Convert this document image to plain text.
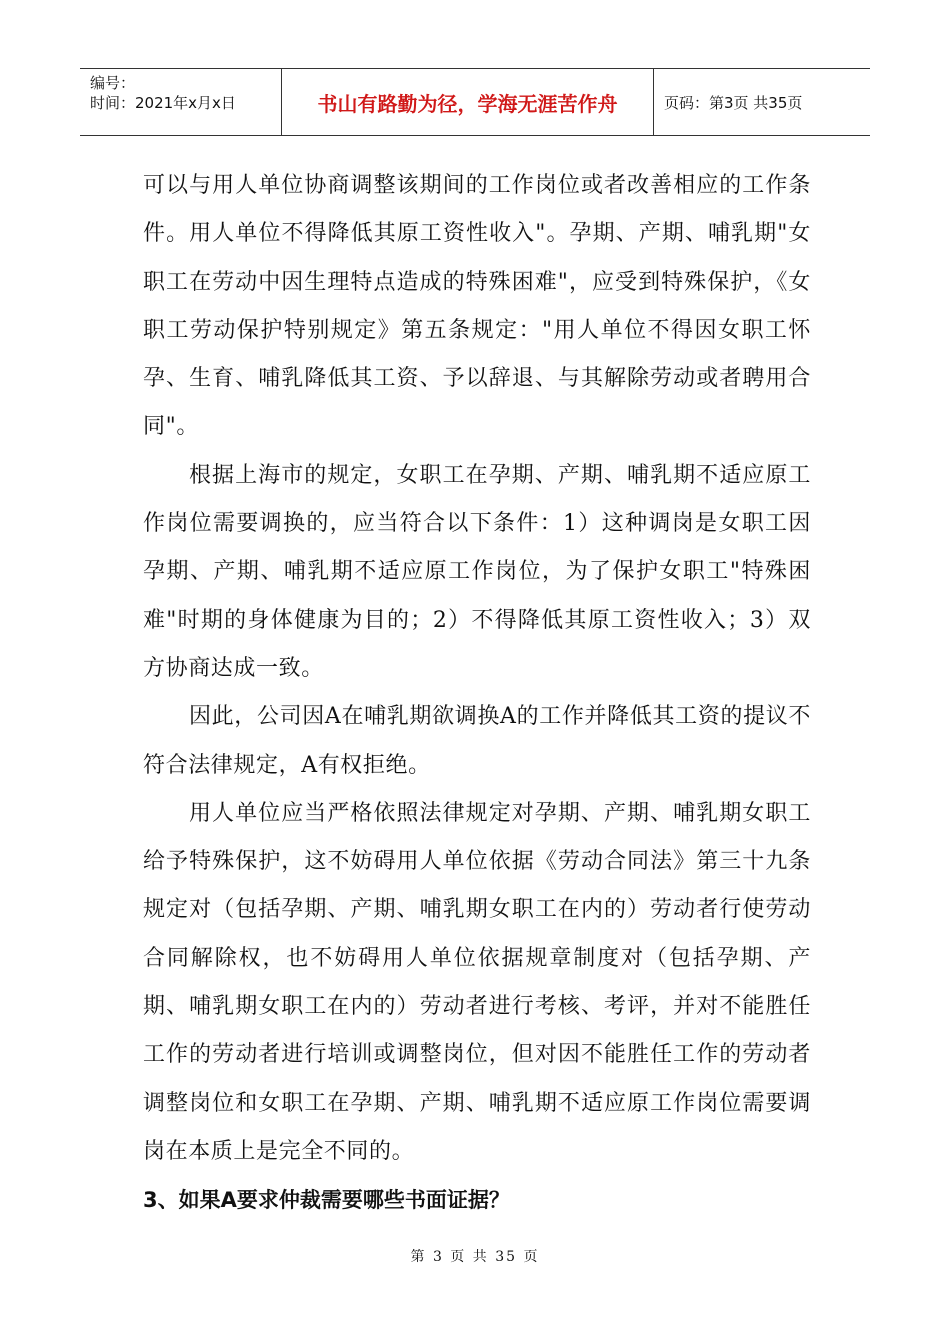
编号：
时间：2021年x月x日	书山有路勤为径，学海无涯苦作舟	页码：第3页 共35页

可以与用人单位协商调整该期间的工作岗位或者改善相应的工作条件。用人单位不得降低其原工资性收入"。孕期、产期、哺乳期"女职工在劳动中因生理特点造成的特殊困难"，应受到特殊保护，《女职工劳动保护特别规定》第五条规定："用人单位不得因女职工怀孕、生育、哺乳降低其工资、予以辞退、与其解除劳动或者聘用合同"。

根据上海市的规定，女职工在孕期、产期、哺乳期不适应原工作岗位需要调换的，应当符合以下条件：1）这种调岗是女职工因孕期、产期、哺乳期不适应原工作岗位，为了保护女职工"特殊困难"时期的身体健康为目的；2）不得降低其原工资性收入；3）双方协商达成一致。

因此，公司因A在哺乳期欲调换A的工作并降低其工资的提议不符合法律规定，A有权拒绝。

用人单位应当严格依照法律规定对孕期、产期、哺乳期女职工给予特殊保护，这不妨碍用人单位依据《劳动合同法》第三十九条规定对（包括孕期、产期、哺乳期女职工在内的）劳动者行使劳动合同解除权，也不妨碍用人单位依据规章制度对（包括孕期、产期、哺乳期女职工在内的）劳动者进行考核、考评，并对不能胜任工作的劳动者进行培训或调整岗位，但对因不能胜任工作的劳动者调整岗位和女职工在孕期、产期、哺乳期不适应原工作岗位需要调岗在本质上是完全不同的。

3、如果A要求仲裁需要哪些书面证据？

第 3 页 共 35 页
